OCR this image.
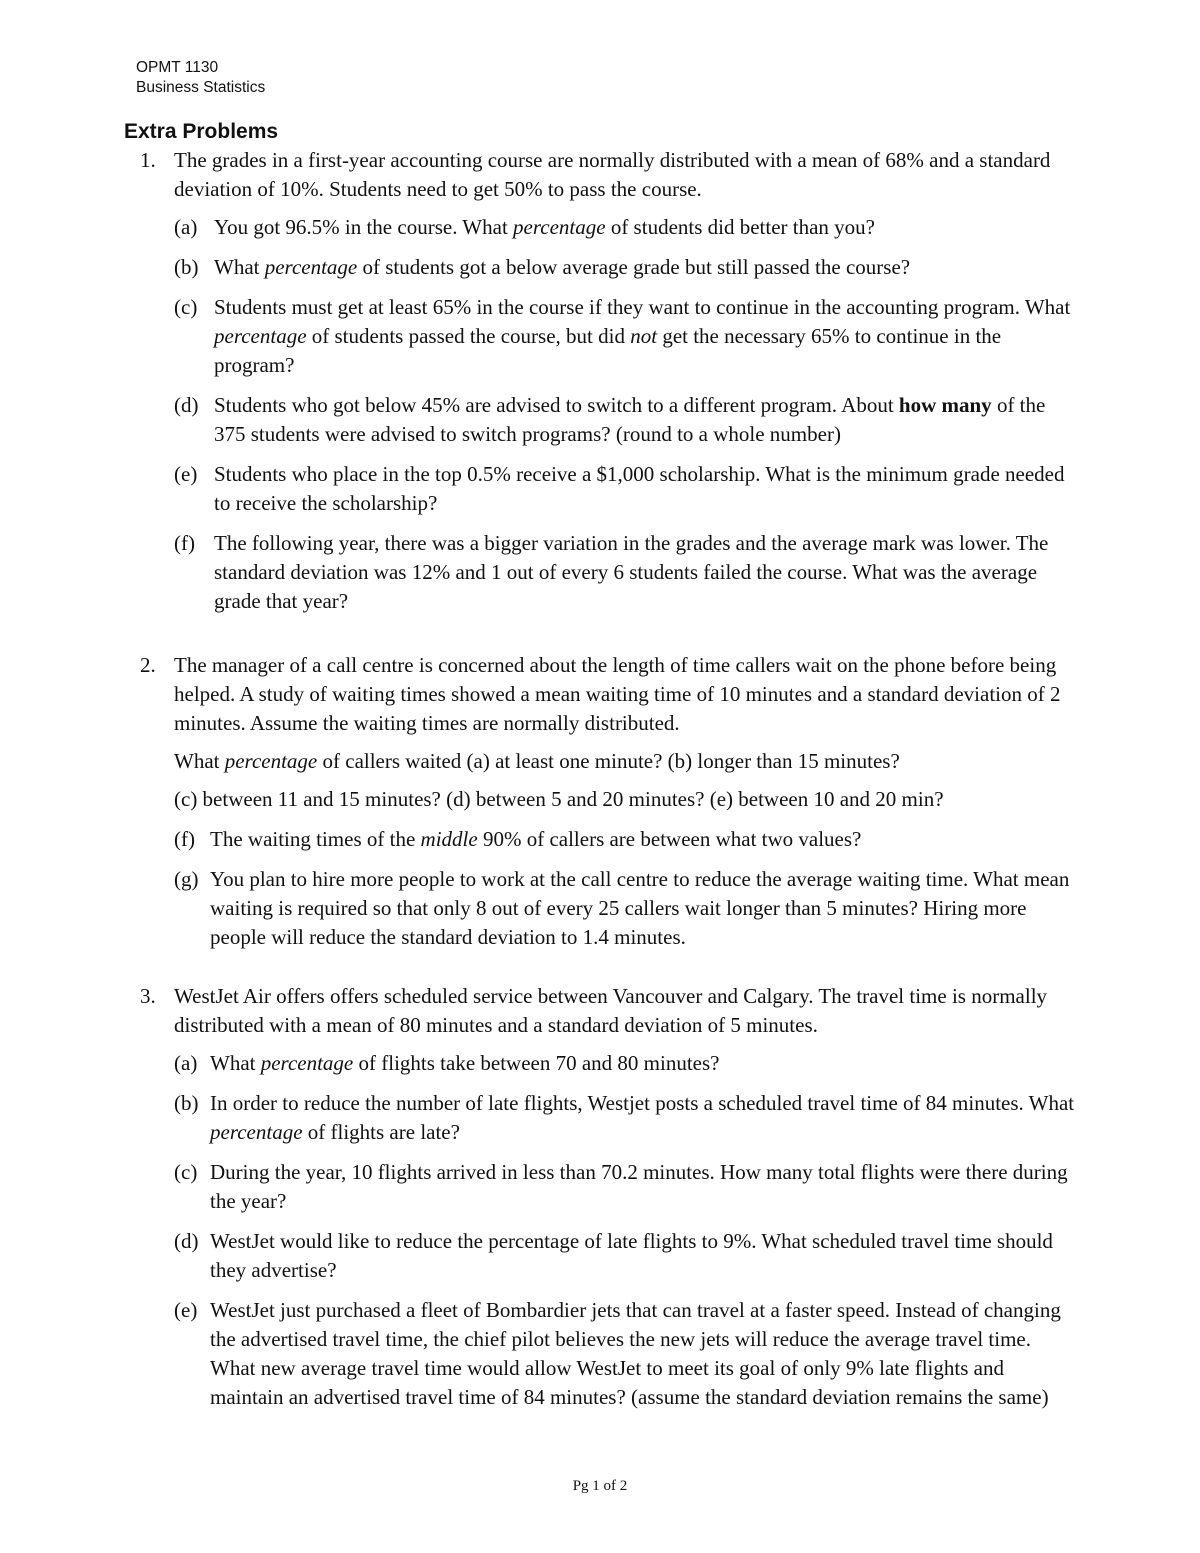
OPMT 1130
Business Statistics
Extra Problems
1. The grades in a first-year accounting course are normally distributed with a mean of 68% and a standard deviation of 10%. Students need to get 50% to pass the course.
(a) You got 96.5% in the course. What percentage of students did better than you?
(b) What percentage of students got a below average grade but still passed the course?
(c) Students must get at least 65% in the course if they want to continue in the accounting program. What percentage of students passed the course, but did not get the necessary 65% to continue in the program?
(d) Students who got below 45% are advised to switch to a different program. About how many of the 375 students were advised to switch programs? (round to a whole number)
(e) Students who place in the top 0.5% receive a $1,000 scholarship. What is the minimum grade needed to receive the scholarship?
(f) The following year, there was a bigger variation in the grades and the average mark was lower. The standard deviation was 12% and 1 out of every 6 students failed the course. What was the average grade that year?
2. The manager of a call centre is concerned about the length of time callers wait on the phone before being helped. A study of waiting times showed a mean waiting time of 10 minutes and a standard deviation of 2 minutes. Assume the waiting times are normally distributed.
What percentage of callers waited (a) at least one minute? (b) longer than 15 minutes?
(c) between 11 and 15 minutes? (d) between 5 and 20 minutes? (e) between 10 and 20 min?
(f) The waiting times of the middle 90% of callers are between what two values?
(g) You plan to hire more people to work at the call centre to reduce the average waiting time. What mean waiting is required so that only 8 out of every 25 callers wait longer than 5 minutes? Hiring more people will reduce the standard deviation to 1.4 minutes.
3. WestJet Air offers offers scheduled service between Vancouver and Calgary. The travel time is normally distributed with a mean of 80 minutes and a standard deviation of 5 minutes.
(a) What percentage of flights take between 70 and 80 minutes?
(b) In order to reduce the number of late flights, Westjet posts a scheduled travel time of 84 minutes. What percentage of flights are late?
(c) During the year, 10 flights arrived in less than 70.2 minutes. How many total flights were there during the year?
(d) WestJet would like to reduce the percentage of late flights to 9%. What scheduled travel time should they advertise?
(e) WestJet just purchased a fleet of Bombardier jets that can travel at a faster speed. Instead of changing the advertised travel time, the chief pilot believes the new jets will reduce the average travel time. What new average travel time would allow WestJet to meet its goal of only 9% late flights and maintain an advertised travel time of 84 minutes? (assume the standard deviation remains the same)
Pg 1 of 2
